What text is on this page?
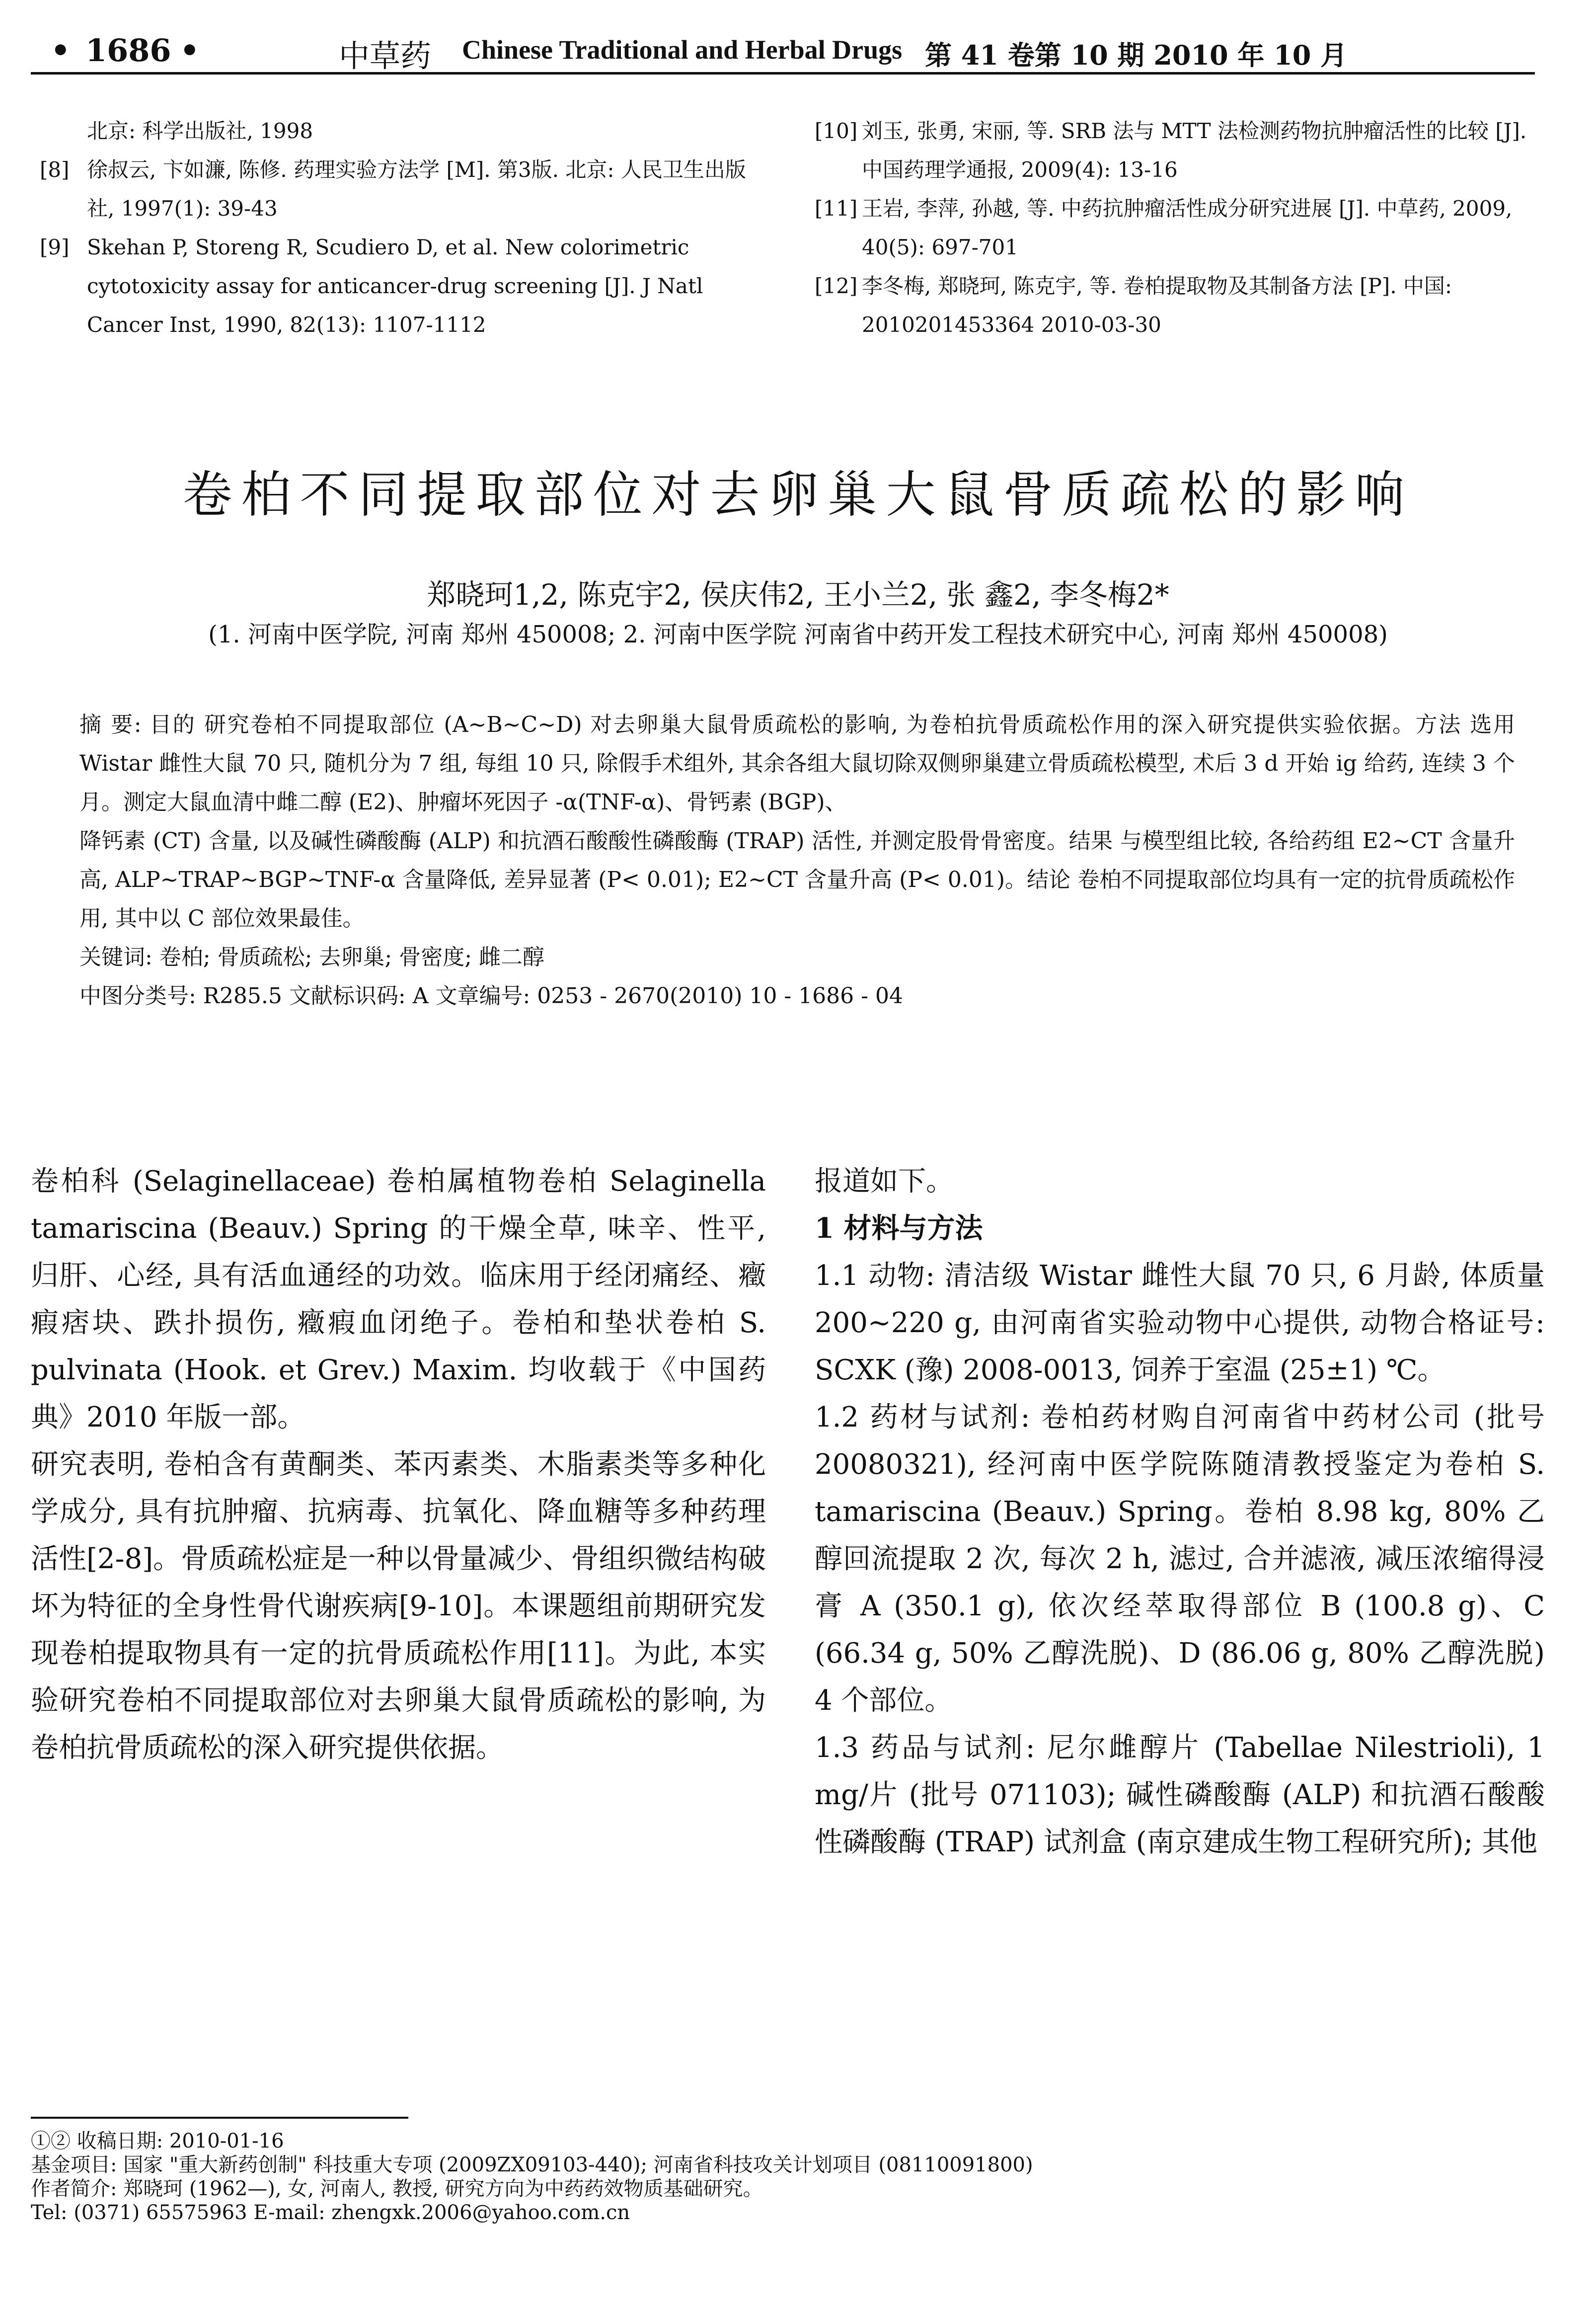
• 1686 •	中草药 Chinese Traditional and Herbal Drugs 第 41 卷第 10 期 2010 年 10 月
北京: 科学出版社, 1998
[8] 徐叔云, 卞如濂, 陈修. 药理实验方法学 [M]. 第3版. 北京: 人民卫生出版社, 1997(1): 39-43
[9] Skehan P, Storeng R, Scudiero D, et al. New colorimetric cytotoxicity assay for anticancer-drug screening [J]. J Natl Cancer Inst, 1990, 82(13): 1107-1112
[10] 刘玉, 张勇, 宋丽, 等. SRB 法与 MTT 法检测药物抗肿瘤活性的比较 [J]. 中国药理学通报, 2009(4): 13-16
[11] 王岩, 李萍, 孙越, 等. 中药抗肿瘤活性成分研究进展 [J]. 中草药, 2009, 40(5): 697-701
[12] 李冬梅, 郑晓珂, 陈克宇, 等. 卷柏提取物及其制备方法 [P]. 中国: 2010201453364 2010-03-30
卷柏不同提取部位对去卵巢大鼠骨质疏松的影响
郑晓珂1,2, 陈克宇2, 侯庆伟2, 王小兰2, 张 鑫2, 李冬梅2*
(1. 河南中医学院, 河南 郑州 450008; 2. 河南中医学院 河南省中药开发工程技术研究中心, 河南 郑州 450008)

摘 要: 目的 研究卷柏不同提取部位 (A~B~C~D) 对去卵巢大鼠骨质疏松的影响, 为卷柏抗骨质疏松作用的深入研究提供实验依据。方法 选用 Wistar 雌性大鼠 70 只, 随机分为 7 组, 每组 10 只, 除假手术组外, 其余各组大鼠切除双侧卵巢建立骨质疏松模型, 术后 3 d 开始 ig 给药, 连续 3 个月。测定大鼠血清中雌二醇 (E2)、肿瘤坏死因子 -α(TNF-α)、骨钙素 (BGP)、

降钙素 (CT) 含量, 以及碱性磷酸酶 (ALP) 和抗酒石酸酸性磷酸酶 (TRAP) 活性, 并测定股骨骨密度。结果 与模型组比较, 各给药组 E2~CT 含量升高, ALP~TRAP~BGP~TNF-α 含量降低, 差异显著 (P< 0.01); E2~CT 含量升高 (P< 0.01)。结论 卷柏不同提取部位均具有一定的抗骨质疏松作用, 其中以 C 部位效果最佳。

关键词: 卷柏; 骨质疏松; 去卵巢; 骨密度; 雌二醇

中图分类号: R285.5 文献标识码: A 文章编号: 0253 - 2670(2010) 10 - 1686 - 04

卷柏科 (Selaginellaceae) 卷柏属植物卷柏 Selaginella tamariscina (Beauv.) Spring 的干燥全草, 味辛、性平, 归肝、心经, 具有活血通经的功效。临床用于经闭痛经、癥瘕痞块、跌扑损伤, 癥瘕血闭绝子。卷柏和垫状卷柏 S. pulvinata (Hook. et Grev.) Maxim. 均收载于《中国药典》2010 年版一部。

研究表明, 卷柏含有黄酮类、苯丙素类、木脂素类等多种化学成分, 具有抗肿瘤、抗病毒、抗氧化、降血糖等多种药理活性[2-8]。骨质疏松症是一种以骨量减少、骨组织微结构破坏为特征的全身性骨代谢疾病[9-10]。本课题组前期研究发现卷柏提取物具有一定的抗骨质疏松作用[11]。为此, 本实验研究卷柏不同提取部位对去卵巢大鼠骨质疏松的影响, 为卷柏抗骨质疏松的深入研究提供依据。

报道如下。

1 材料与方法

1.1 动物: 清洁级 Wistar 雌性大鼠 70 只, 6 月龄, 体质量 200~220 g, 由河南省实验动物中心提供, 动物合格证号: SCXK (豫) 2008-0013, 饲养于室温 (25±1) ℃。

1.2 药材与试剂: 卷柏药材购自河南省中药材公司 (批号 20080321), 经河南中医学院陈随清教授鉴定为卷柏 S. tamariscina (Beauv.) Spring。卷柏 8.98 kg, 80% 乙醇回流提取 2 次, 每次 2 h, 滤过, 合并滤液, 减压浓缩得浸膏 A (350.1 g), 依次经萃取得部位 B (100.8 g)、C (66.34 g, 50% 乙醇洗脱)、D (86.06 g, 80% 乙醇洗脱) 4 个部位。

1.3 药品与试剂: 尼尔雌醇片 (Tabellae Nilestrioli), 1 mg/片 (批号 071103); 碱性磷酸酶 (ALP) 和抗酒石酸酸性磷酸酶 (TRAP) 试剂盒 (南京建成生物工程研究所); 其他

①② 收稿日期: 2010-01-16
基金项目: 国家 "重大新药创制" 科技重大专项 (2009ZX09103-440); 河南省科技攻关计划项目 (08110091800)
作者简介: 郑晓珂 (1962—), 女, 河南人, 教授, 研究方向为中药药效物质基础研究。
Tel: (0371) 65575963 E-mail: zhengxk.2006@yahoo.com.cn
